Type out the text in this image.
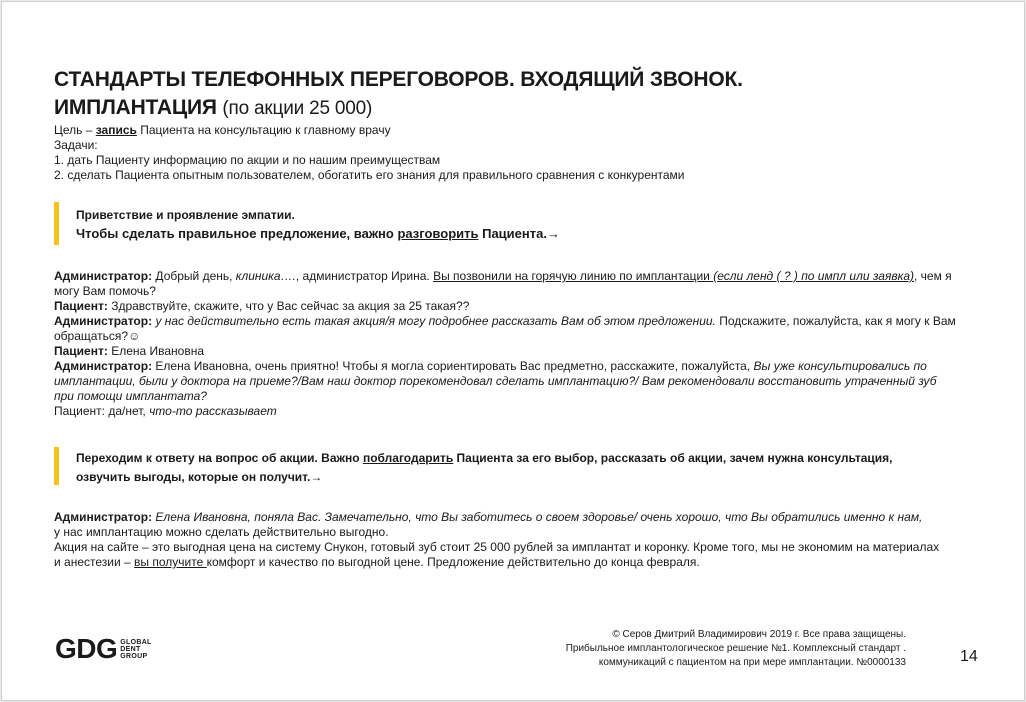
СТАНДАРТЫ ТЕЛЕФОННЫХ ПЕРЕГОВОРОВ. ВХОДЯЩИЙ ЗВОНОК.
ИМПЛАНТАЦИЯ (по акции 25 000)
Цель – запись Пациента на консультацию к главному врачу
Задачи:
1. дать Пациенту информацию по акции и по нашим преимуществам
2. сделать Пациента опытным пользователем, обогатить его знания для правильного сравнения с конкурентами
Приветствие и проявление эмпатии.
Чтобы сделать правильное предложение, важно разговорить Пациента.→

Администратор: Добрый день, клиника…., администратор Ирина. Вы позвонили на горячую линию по имплантации (если ленд ( ? ) по импл или заявка), чем я могу Вам помочь?

Пациент: Здравствуйте, скажите, что у Вас сейчас за акция за 25 такая??

Администратор: у нас действительно есть такая акция/я могу подробнее рассказать Вам об этом предложении. Подскажите, пожалуйста, как я могу к Вам обращаться?☺

Пациент: Елена Ивановна

Администратор: Елена Ивановна, очень приятно! Чтобы я могла сориентировать Вас предметно, расскажите, пожалуйста, Вы уже консультировались по имплантации, были у доктора на приеме?/Вам наш доктор порекомендовал сделать имплантацию?/ Вам рекомендовали восстановить утраченный зуб при помощи имплантата?

Пациент: да/нет, что-то рассказывает

Переходим к ответу на вопрос об акции. Важно поблагодарить Пациента за его выбор, рассказать об акции, зачем нужна консультация,
озвучить выгоды, которые он получит.→

Администратор: Елена Ивановна, поняла Вас. Замечательно, что Вы заботитесь о своем здоровье/ очень хорошо, что Вы обратились именно к нам,

у нас имплантацию можно сделать действительно выгодно.

Акция на сайте – это выгодная цена на систему Снукон, готовый зуб стоит 25 000 рублей за имплантат и коронку. Кроме того, мы не экономим на материалах

и анестезии – вы получите комфорт и качество по выгодной цене. Предложение действительно до конца февраля.

GDG GLOBAL
DENT
GROUP
© Серов Дмитрий Владимирович 2019 г. Все права защищены.
Прибыльное имплантологическое решение №1. Комплексный стандарт .
коммуникаций с пациентом на при мере имплантации. №0000133	14
